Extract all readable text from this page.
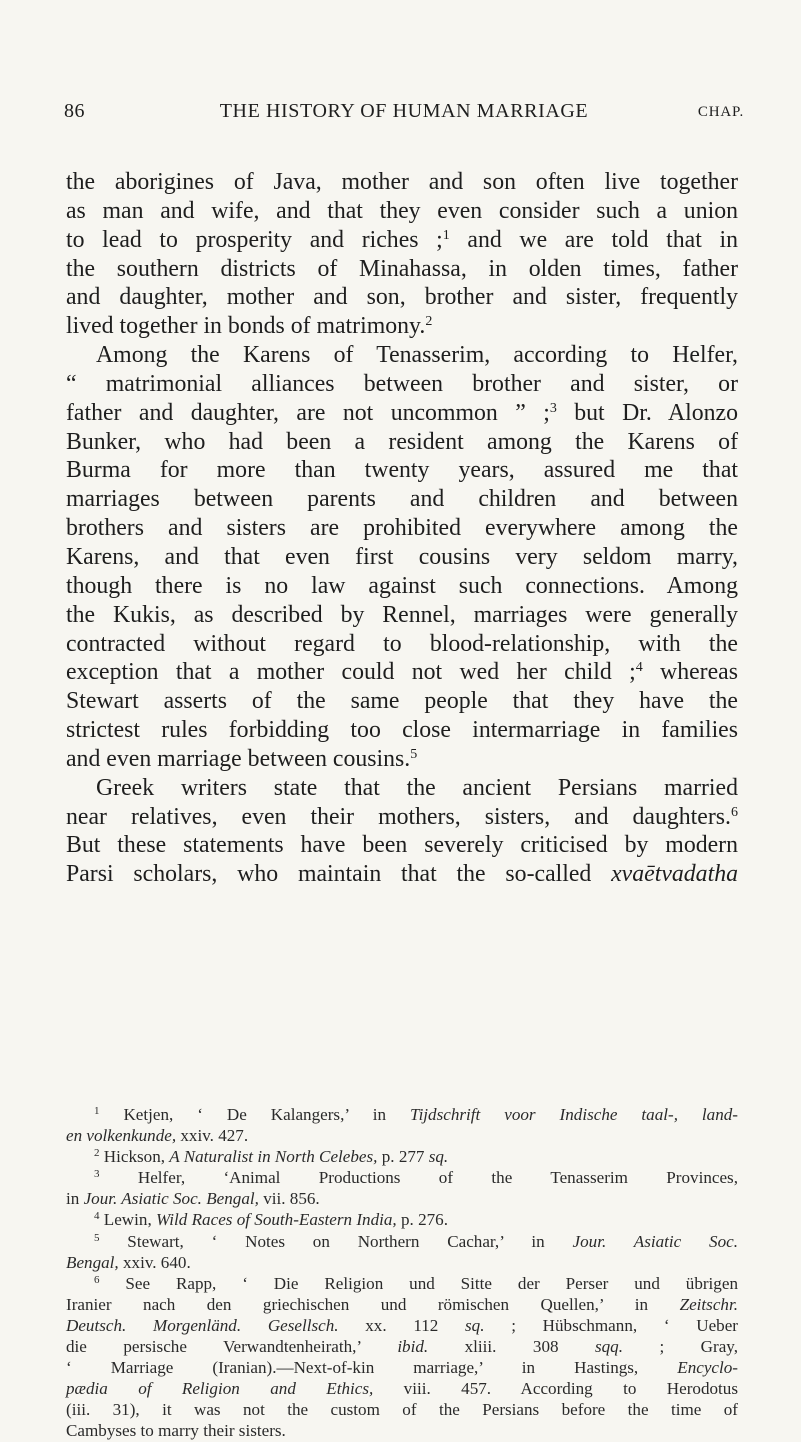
86	THE HISTORY OF HUMAN MARRIAGE	CHAP.
the aborigines of Java, mother and son often live together
as man and wife, and that they even consider such a union
to lead to prosperity and riches ;$^1$ and we are told that in
the southern districts of Minahassa, in olden times, father
and daughter, mother and son, brother and sister, frequently
lived together in bonds of matrimony.$^2$
Among the Karens of Tenasserim, according to Helfer,
“ matrimonial alliances between brother and sister, or
father and daughter, are not uncommon ” ;$^3$ but Dr. Alonzo
Bunker, who had been a resident among the Karens of
Burma for more than twenty years, assured me that
marriages between parents and children and between
brothers and sisters are prohibited everywhere among the
Karens, and that even first cousins very seldom marry,
though there is no law against such connections. Among
the Kukis, as described by Rennel, marriages were generally
contracted without regard to blood-relationship, with the
exception that a mother could not wed her child ;$^4$ whereas
Stewart asserts of the same people that they have the
strictest rules forbidding too close intermarriage in families
and even marriage between cousins.$^5$
Greek writers state that the ancient Persians married
near relatives, even their mothers, sisters, and daughters.$^6$
But these statements have been severely criticised by modern
Parsi scholars, who maintain that the so-called xvaētvadatha
$^1$ Ketjen, ‘ De Kalangers,’ in Tijdschrift voor Indische taal-, land-
en volkenkunde, xxiv. 427.
$^2$ Hickson, A Naturalist in North Celebes, p. 277 sq.
$^3$ Helfer, ‘Animal Productions of the Tenasserim Provinces,
in Jour. Asiatic Soc. Bengal, vii. 856.
$^4$ Lewin, Wild Races of South-Eastern India, p. 276.
$^5$ Stewart, ‘ Notes on Northern Cachar,’ in Jour. Asiatic Soc.
Bengal, xxiv. 640.
$^6$ See Rapp, ‘ Die Religion und Sitte der Perser und übrigen
Iranier nach den griechischen und römischen Quellen,’ in Zeitschr.
Deutsch. Morgenländ. Gesellsch. xx. 112 sq. ; Hübschmann, ‘ Ueber
die persische Verwandtenheirath,’ ibid. xliii. 308 sqq. ; Gray,
‘ Marriage (Iranian).—Next-of-kin marriage,’ in Hastings, Encyclo-
pædia of Religion and Ethics, viii. 457. According to Herodotus
(iii. 31), it was not the custom of the Persians before the time of
Cambyses to marry their sisters.
